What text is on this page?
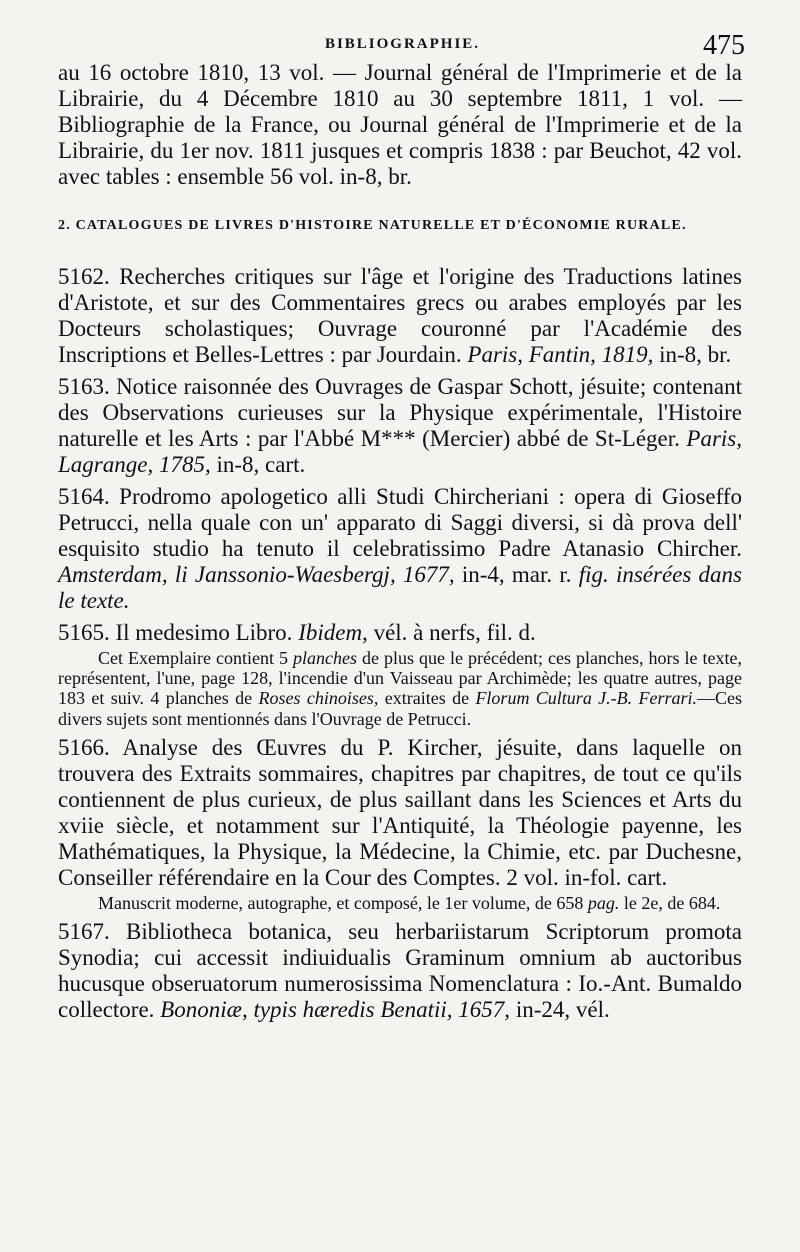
BIBLIOGRAPHIE.	475

au 16 octobre 1810, 13 vol. — Journal général de l'Imprimerie et de la Librairie, du 4 Décembre 1810 au 30 septembre 1811, 1 vol. — Bibliographie de la France, ou Journal général de l'Imprimerie et de la Librairie, du 1er nov. 1811 jusques et compris 1838 : par Beuchot, 42 vol. avec tables : ensemble 56 vol. in-8, br.

2. CATALOGUES DE LIVRES D'HISTOIRE NATURELLE ET D'ÉCONOMIE RURALE.

5162. Recherches critiques sur l'âge et l'origine des Traductions latines d'Aristote, et sur des Commentaires grecs ou arabes employés par les Docteurs scholastiques; Ouvrage couronné par l'Académie des Inscriptions et Belles-Lettres : par Jourdain. Paris, Fantin, 1819, in-8, br.

5163. Notice raisonnée des Ouvrages de Gaspar Schott, jésuite; contenant des Observations curieuses sur la Physique expérimentale, l'Histoire naturelle et les Arts : par l'Abbé M*** (Mercier) abbé de St-Léger. Paris, Lagrange, 1785, in-8, cart.

5164. Prodromo apologetico alli Studi Chircheriani : opera di Gioseffo Petrucci, nella quale con un' apparato di Saggi diversi, si dà prova dell' esquisito studio ha tenuto il celebratissimo Padre Atanasio Chircher. Amsterdam, li Janssonio-Waesbergj, 1677, in-4, mar. r. fig. insérées dans le texte.

5165. Il medesimo Libro. Ibidem, vél. à nerfs, fil. d.

Cet Exemplaire contient 5 planches de plus que le précédent; ces planches, hors le texte, représentent, l'une, page 128, l'incendie d'un Vaisseau par Archimède; les quatre autres, page 183 et suiv. 4 planches de Roses chinoises, extraites de Florum Cultura J.-B. Ferrari.—Ces divers sujets sont mentionnés dans l'Ouvrage de Petrucci.

5166. Analyse des Œuvres du P. Kircher, jésuite, dans laquelle on trouvera des Extraits sommaires, chapitres par chapitres, de tout ce qu'ils contiennent de plus curieux, de plus saillant dans les Sciences et Arts du xviie siècle, et notamment sur l'Antiquité, la Théologie payenne, les Mathématiques, la Physique, la Médecine, la Chimie, etc. par Duchesne, Conseiller référendaire en la Cour des Comptes. 2 vol. in-fol. cart.

Manuscrit moderne, autographe, et composé, le 1er volume, de 658 pag. le 2e, de 684.

5167. Bibliotheca botanica, seu herbariistarum Scriptorum promota Synodia; cui accessit indiuidualis Graminum omnium ab auctoribus hucusque obseruatorum numerosissima Nomenclatura : Io.-Ant. Bumaldo collectore. Bononiæ, typis hæredis Benatii, 1657, in-24, vél.
